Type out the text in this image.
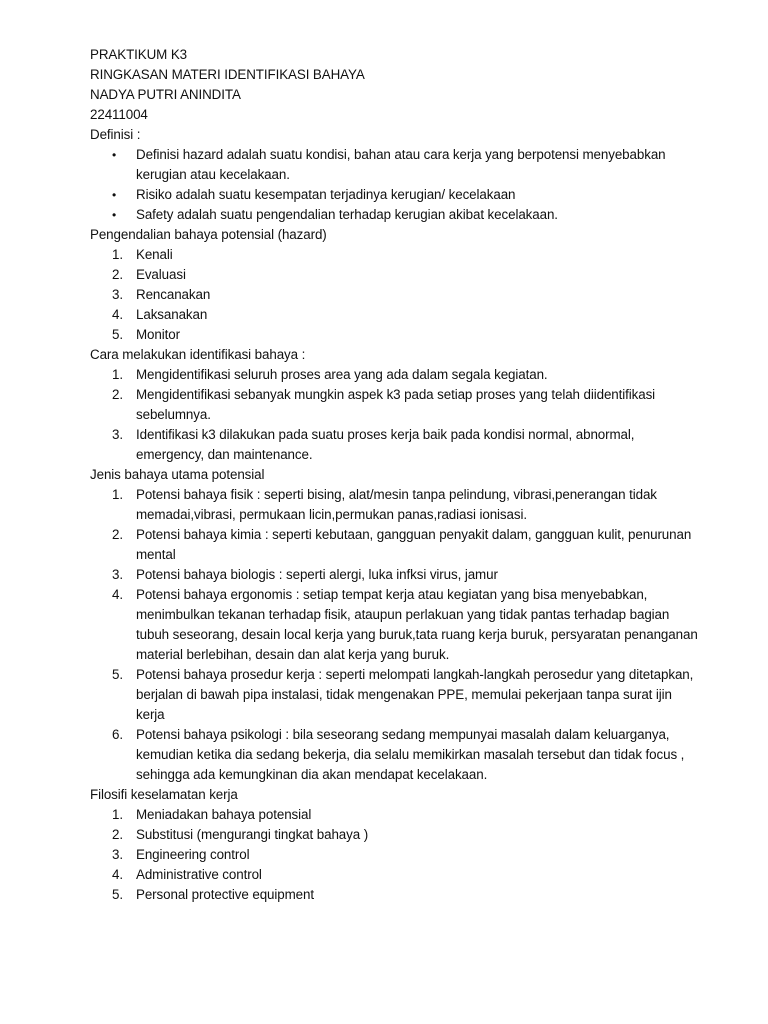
PRAKTIKUM K3
RINGKASAN MATERI IDENTIFIKASI BAHAYA
NADYA PUTRI ANINDITA
22411004
Definisi :
• Definisi hazard adalah suatu kondisi, bahan atau cara kerja yang berpotensi menyebabkan
kerugian atau kecelakaan.
• Risiko adalah suatu kesempatan terjadinya kerugian/ kecelakaan
• Safety adalah suatu pengendalian terhadap kerugian akibat kecelakaan.
Pengendalian bahaya potensial (hazard)
1. Kenali
2. Evaluasi
3. Rencanakan
4. Laksanakan
5. Monitor
Cara melakukan identifikasi bahaya :
1. Mengidentifikasi seluruh proses area yang ada dalam segala kegiatan.
2. Mengidentifikasi sebanyak mungkin aspek k3 pada setiap proses yang telah diidentifikasi
sebelumnya.
3. Identifikasi k3 dilakukan pada suatu proses kerja baik pada kondisi normal, abnormal,
emergency, dan maintenance.
Jenis bahaya utama potensial
1. Potensi bahaya fisik : seperti bising, alat/mesin tanpa pelindung, vibrasi,penerangan tidak
memadai,vibrasi, permukaan licin,permukan panas,radiasi ionisasi.
2. Potensi bahaya kimia : seperti kebutaan, gangguan penyakit dalam, gangguan kulit, penurunan
mental
3. Potensi bahaya biologis : seperti alergi, luka infksi virus, jamur
4. Potensi bahaya ergonomis : setiap tempat kerja atau kegiatan yang bisa menyebabkan,
menimbulkan tekanan terhadap fisik, ataupun perlakuan yang tidak pantas terhadap bagian
tubuh seseorang, desain local kerja yang buruk,tata ruang kerja buruk, persyaratan penanganan
material berlebihan, desain dan alat kerja yang buruk.
5. Potensi bahaya prosedur kerja : seperti melompati langkah-langkah perosedur yang ditetapkan,
berjalan di bawah pipa instalasi, tidak mengenakan PPE, memulai pekerjaan tanpa surat ijin
kerja
6. Potensi bahaya psikologi : bila seseorang sedang mempunyai masalah dalam keluarganya,
kemudian ketika dia sedang bekerja, dia selalu memikirkan masalah tersebut dan tidak focus ,
sehingga ada kemungkinan dia akan mendapat kecelakaan.
Filosifi keselamatan kerja
1. Meniadakan bahaya potensial
2. Substitusi (mengurangi tingkat bahaya )
3. Engineering control
4. Administrative control
5. Personal protective equipment
